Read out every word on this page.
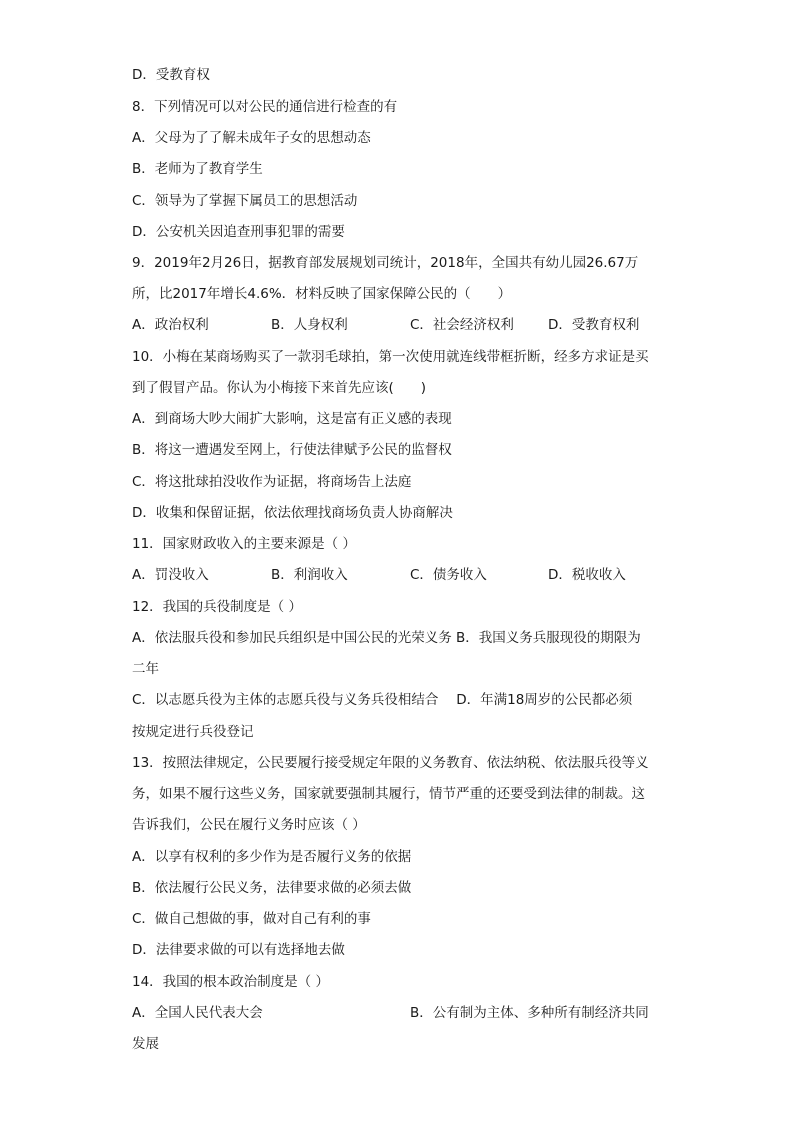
D．受教育权
8．下列情况可以对公民的通信进行检查的有
A．父母为了了解未成年子女的思想动态
B．老师为了教育学生
C．领导为了掌握下属员工的思想活动
D．公安机关因追查刑事犯罪的需要
9．2019年2月26日，据教育部发展规划司统计，2018年，全国共有幼儿园26.67万
所，比2017年增长4.6%．材料反映了国家保障公民的（　　）
A．政治权利	B．人身权利	C．社会经济权利	D．受教育权利
10．小梅在某商场购买了一款羽毛球拍，第一次使用就连线带框折断，经多方求证是买
到了假冒产品。你认为小梅接下来首先应该(　　)
A．到商场大吵大闹扩大影响，这是富有正义感的表现
B．将这一遭遇发至网上，行使法律赋予公民的监督权
C．将这批球拍没收作为证据，将商场告上法庭
D．收集和保留证据，依法依理找商场负责人协商解决
11．国家财政收入的主要来源是（ ）
A．罚没收入	B．利润收入	C．债务收入	D．税收收入
12．我国的兵役制度是（ ）
A．依法服兵役和参加民兵组织是中国公民的光荣义务 B．我国义务兵服现役的期限为
二年
C．以志愿兵役为主体的志愿兵役与义务兵役相结合　 D．年满18周岁的公民都必须
按规定进行兵役登记
13．按照法律规定，公民要履行接受规定年限的义务教育、依法纳税、依法服兵役等义
务，如果不履行这些义务，国家就要强制其履行，情节严重的还要受到法律的制裁。这
告诉我们，公民在履行义务时应该（ ）
A．以享有权利的多少作为是否履行义务的依据
B．依法履行公民义务，法律要求做的必须去做
C．做自己想做的事，做对自己有利的事
D．法律要求做的可以有选择地去做
14．我国的根本政治制度是（ ）
A．全国人民代表大会	B．公有制为主体、多种所有制经济共同
发展
